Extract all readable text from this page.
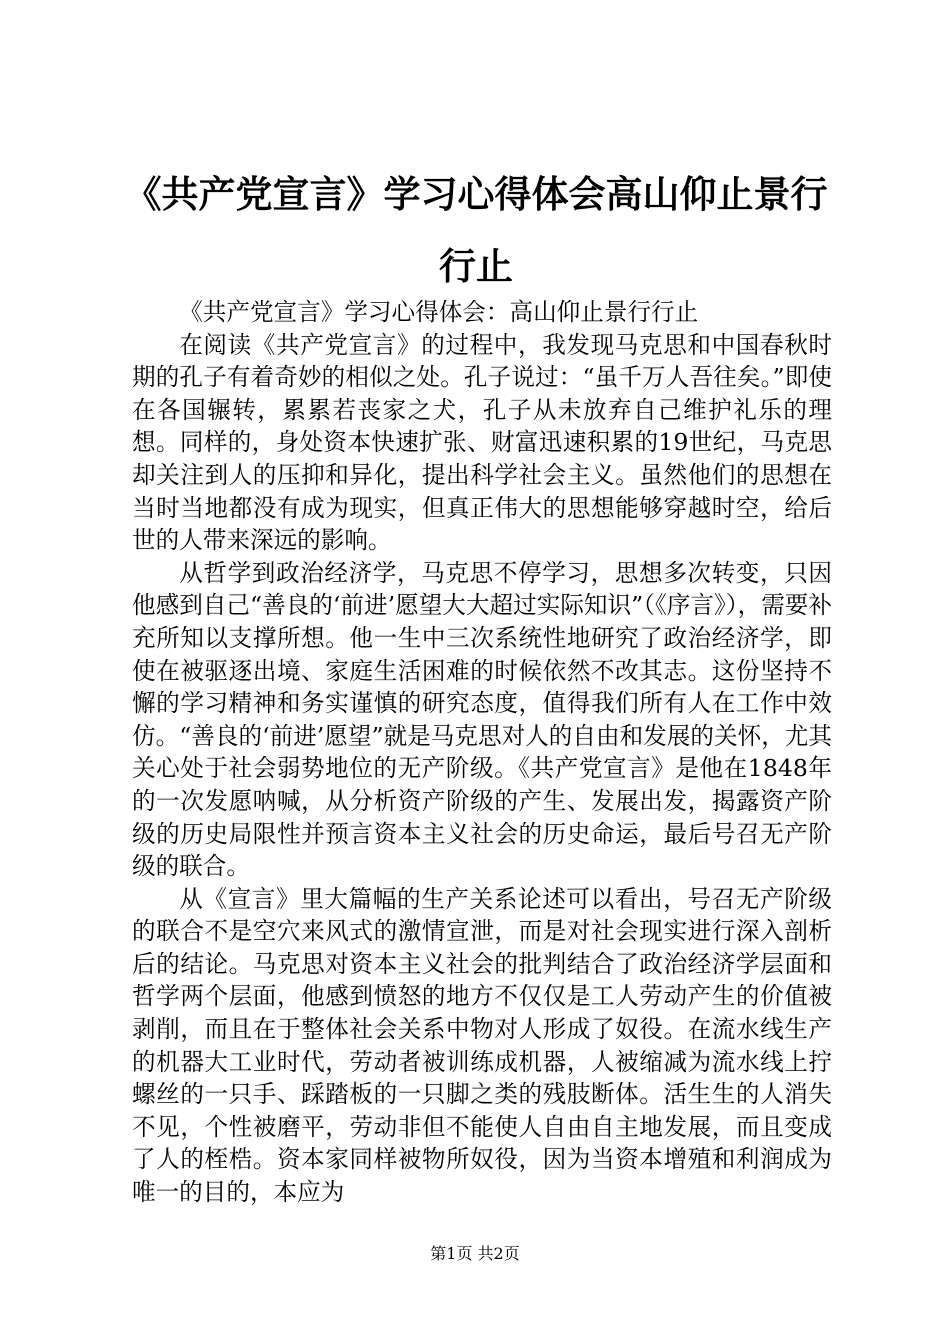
《共产党宣言》学习心得体会高山仰止景行行止

《共产党宣言》学习心得体会：高山仰止景行行止

在阅读《共产党宣言》的过程中，我发现马克思和中国春秋时期的孔子有着奇妙的相似之处。孔子说过：“虽千万人吾往矣。”即使在各国辗转，累累若丧家之犬，孔子从未放弃自己维护礼乐的理想。同样的，身处资本快速扩张、财富迅速积累的19世纪，马克思却关注到人的压抑和异化，提出科学社会主义。虽然他们的思想在当时当地都没有成为现实，但真正伟大的思想能够穿越时空，给后世的人带来深远的影响。

从哲学到政治经济学，马克思不停学习，思想多次转变，只因他感到自己“善良的‘前进’愿望大大超过实际知识”（《序言》），需要补充所知以支撑所想。他一生中三次系统性地研究了政治经济学，即使在被驱逐出境、家庭生活困难的时候依然不改其志。这份坚持不懈的学习精神和务实谨慎的研究态度，值得我们所有人在工作中效仿。“善良的‘前进’愿望”就是马克思对人的自由和发展的关怀，尤其关心处于社会弱势地位的无产阶级。《共产党宣言》是他在1848年的一次发愿呐喊，从分析资产阶级的产生、发展出发，揭露资产阶级的历史局限性并预言资本主义社会的历史命运，最后号召无产阶级的联合。

从《宣言》里大篇幅的生产关系论述可以看出，号召无产阶级的联合不是空穴来风式的激情宣泄，而是对社会现实进行深入剖析后的结论。马克思对资本主义社会的批判结合了政治经济学层面和哲学两个层面，他感到愤怒的地方不仅仅是工人劳动产生的价值被剥削，而且在于整体社会关系中物对人形成了奴役。在流水线生产的机器大工业时代，劳动者被训练成机器，人被缩减为流水线上拧螺丝的一只手、踩踏板的一只脚之类的残肢断体。活生生的人消失不见，个性被磨平，劳动非但不能使人自由自主地发展，而且变成了人的桎梏。资本家同样被物所奴役，因为当资本增殖和利润成为唯一的目的，本应为

第1页 共2页
